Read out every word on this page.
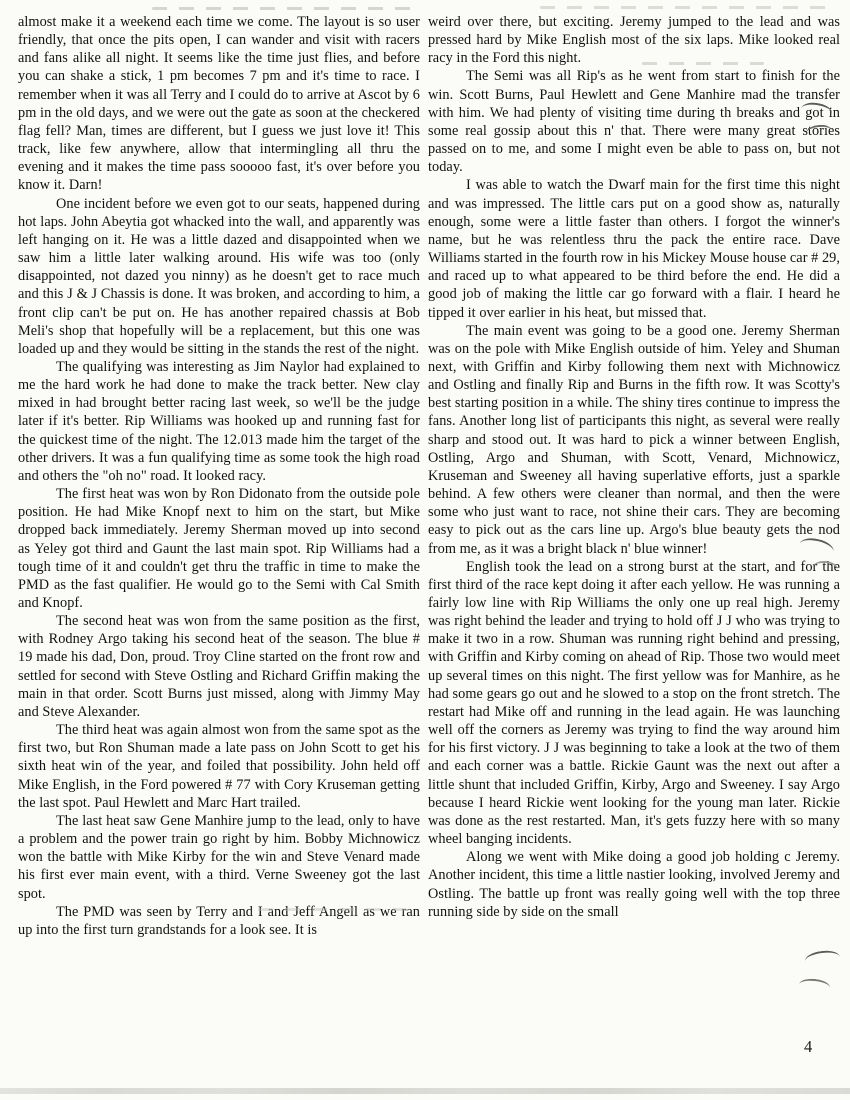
almost make it a weekend each time we come. The layout is so user friendly, that once the pits open, I can wander and visit with racers and fans alike all night. It seems like the time just flies, and before you can shake a stick, 1 pm becomes 7 pm and it's time to race. I remember when it was all Terry and I could do to arrive at Ascot by 6 pm in the old days, and we were out the gate as soon at the checkered flag fell? Man, times are different, but I guess we just love it! This track, like few anywhere, allow that intermingling all thru the evening and it makes the time pass sooooo fast, it's over before you know it. Darn!

One incident before we even got to our seats, happened during hot laps. John Abeytia got whacked into the wall, and apparently was left hanging on it. He was a little dazed and disappointed when we saw him a little later walking around. His wife was too (only disappointed, not dazed you ninny) as he doesn't get to race much and this J & J Chassis is done. It was broken, and according to him, a front clip can't be put on. He has another repaired chassis at Bob Meli's shop that hopefully will be a replacement, but this one was loaded up and they would be sitting in the stands the rest of the night.

The qualifying was interesting as Jim Naylor had explained to me the hard work he had done to make the track better. New clay mixed in had brought better racing last week, so we'll be the judge later if it's better. Rip Williams was hooked up and running fast for the quickest time of the night. The 12.013 made him the target of the other drivers. It was a fun qualifying time as some took the high road and others the "oh no" road. It looked racy.

The first heat was won by Ron Didonato from the outside pole position. He had Mike Knopf next to him on the start, but Mike dropped back immediately. Jeremy Sherman moved up into second as Yeley got third and Gaunt the last main spot. Rip Williams had a tough time of it and couldn't get thru the traffic in time to make the PMD as the fast qualifier. He would go to the Semi with Cal Smith and Knopf.

The second heat was won from the same position as the first, with Rodney Argo taking his second heat of the season. The blue # 19 made his dad, Don, proud. Troy Cline started on the front row and settled for second with Steve Ostling and Richard Griffin making the main in that order. Scott Burns just missed, along with Jimmy May and Steve Alexander.

The third heat was again almost won from the same spot as the first two, but Ron Shuman made a late pass on John Scott to get his sixth heat win of the year, and foiled that possibility. John held off Mike English, in the Ford powered # 77 with Cory Kruseman getting the last spot. Paul Hewlett and Marc Hart trailed.

The last heat saw Gene Manhire jump to the lead, only to have a problem and the power train go right by him. Bobby Michnowicz won the battle with Mike Kirby for the win and Steve Venard made his first ever main event, with a third. Verne Sweeney got the last spot.

The PMD was seen by Terry and I and Jeff Angell as we ran up into the first turn grandstands for a look see. It is

weird over there, but exciting. Jeremy jumped to the lead and was pressed hard by Mike English most of the six laps. Mike looked real racy in the Ford this night.

The Semi was all Rip's as he went from start to finish for the win. Scott Burns, Paul Hewlett and Gene Manhire mad the transfer with him. We had plenty of visiting time during th breaks and got in some real gossip about this n' that. There were many great stories passed on to me, and some I might even be able to pass on, but not today.

I was able to watch the Dwarf main for the first time this night and was impressed. The little cars put on a good show as, naturally enough, some were a little faster than others. I forgot the winner's name, but he was relentless thru the pack the entire race. Dave Williams started in the fourth row in his Mickey Mouse house car # 29, and raced up to what appeared to be third before the end. He did a good job of making the little car go forward with a flair. I heard he tipped it over earlier in his heat, but missed that.

The main event was going to be a good one. Jeremy Sherman was on the pole with Mike English outside of him. Yeley and Shuman next, with Griffin and Kirby following them next with Michnowicz and Ostling and finally Rip and Burns in the fifth row. It was Scotty's best starting position in a while. The shiny tires continue to impress the fans. Another long list of participants this night, as several were really sharp and stood out. It was hard to pick a winner between English, Ostling, Argo and Shuman, with Scott, Venard, Michnowicz, Kruseman and Sweeney all having superlative efforts, just a sparkle behind. A few others were cleaner than normal, and then the were some who just want to race, not shine their cars. They are becoming easy to pick out as the cars line up. Argo's blue beauty gets the nod from me, as it was a bright black n' blue winner!

English took the lead on a strong burst at the start, and for the first third of the race kept doing it after each yellow. He was running a fairly low line with Rip Williams the only one up real high. Jeremy was right behind the leader and trying to hold off J J who was trying to make it two in a row. Shuman was running right behind and pressing, with Griffin and Kirby coming on ahead of Rip. Those two would meet up several times on this night. The first yellow was for Manhire, as he had some gears go out and he slowed to a stop on the front stretch. The restart had Mike off and running in the lead again. He was launching well off the corners as Jeremy was trying to find the way around him for his first victory. J J was beginning to take a look at the two of them and each corner was a battle. Rickie Gaunt was the next out after a little shunt that included Griffin, Kirby, Argo and Sweeney. I say Argo because I heard Rickie went looking for the young man later. Rickie was done as the rest restarted. Man, it's gets fuzzy here with so many wheel banging incidents.

Along we went with Mike doing a good job holding c Jeremy. Another incident, this time a little nastier looking, involved Jeremy and Ostling. The battle up front was really going well with the top three running side by side on the small

4
